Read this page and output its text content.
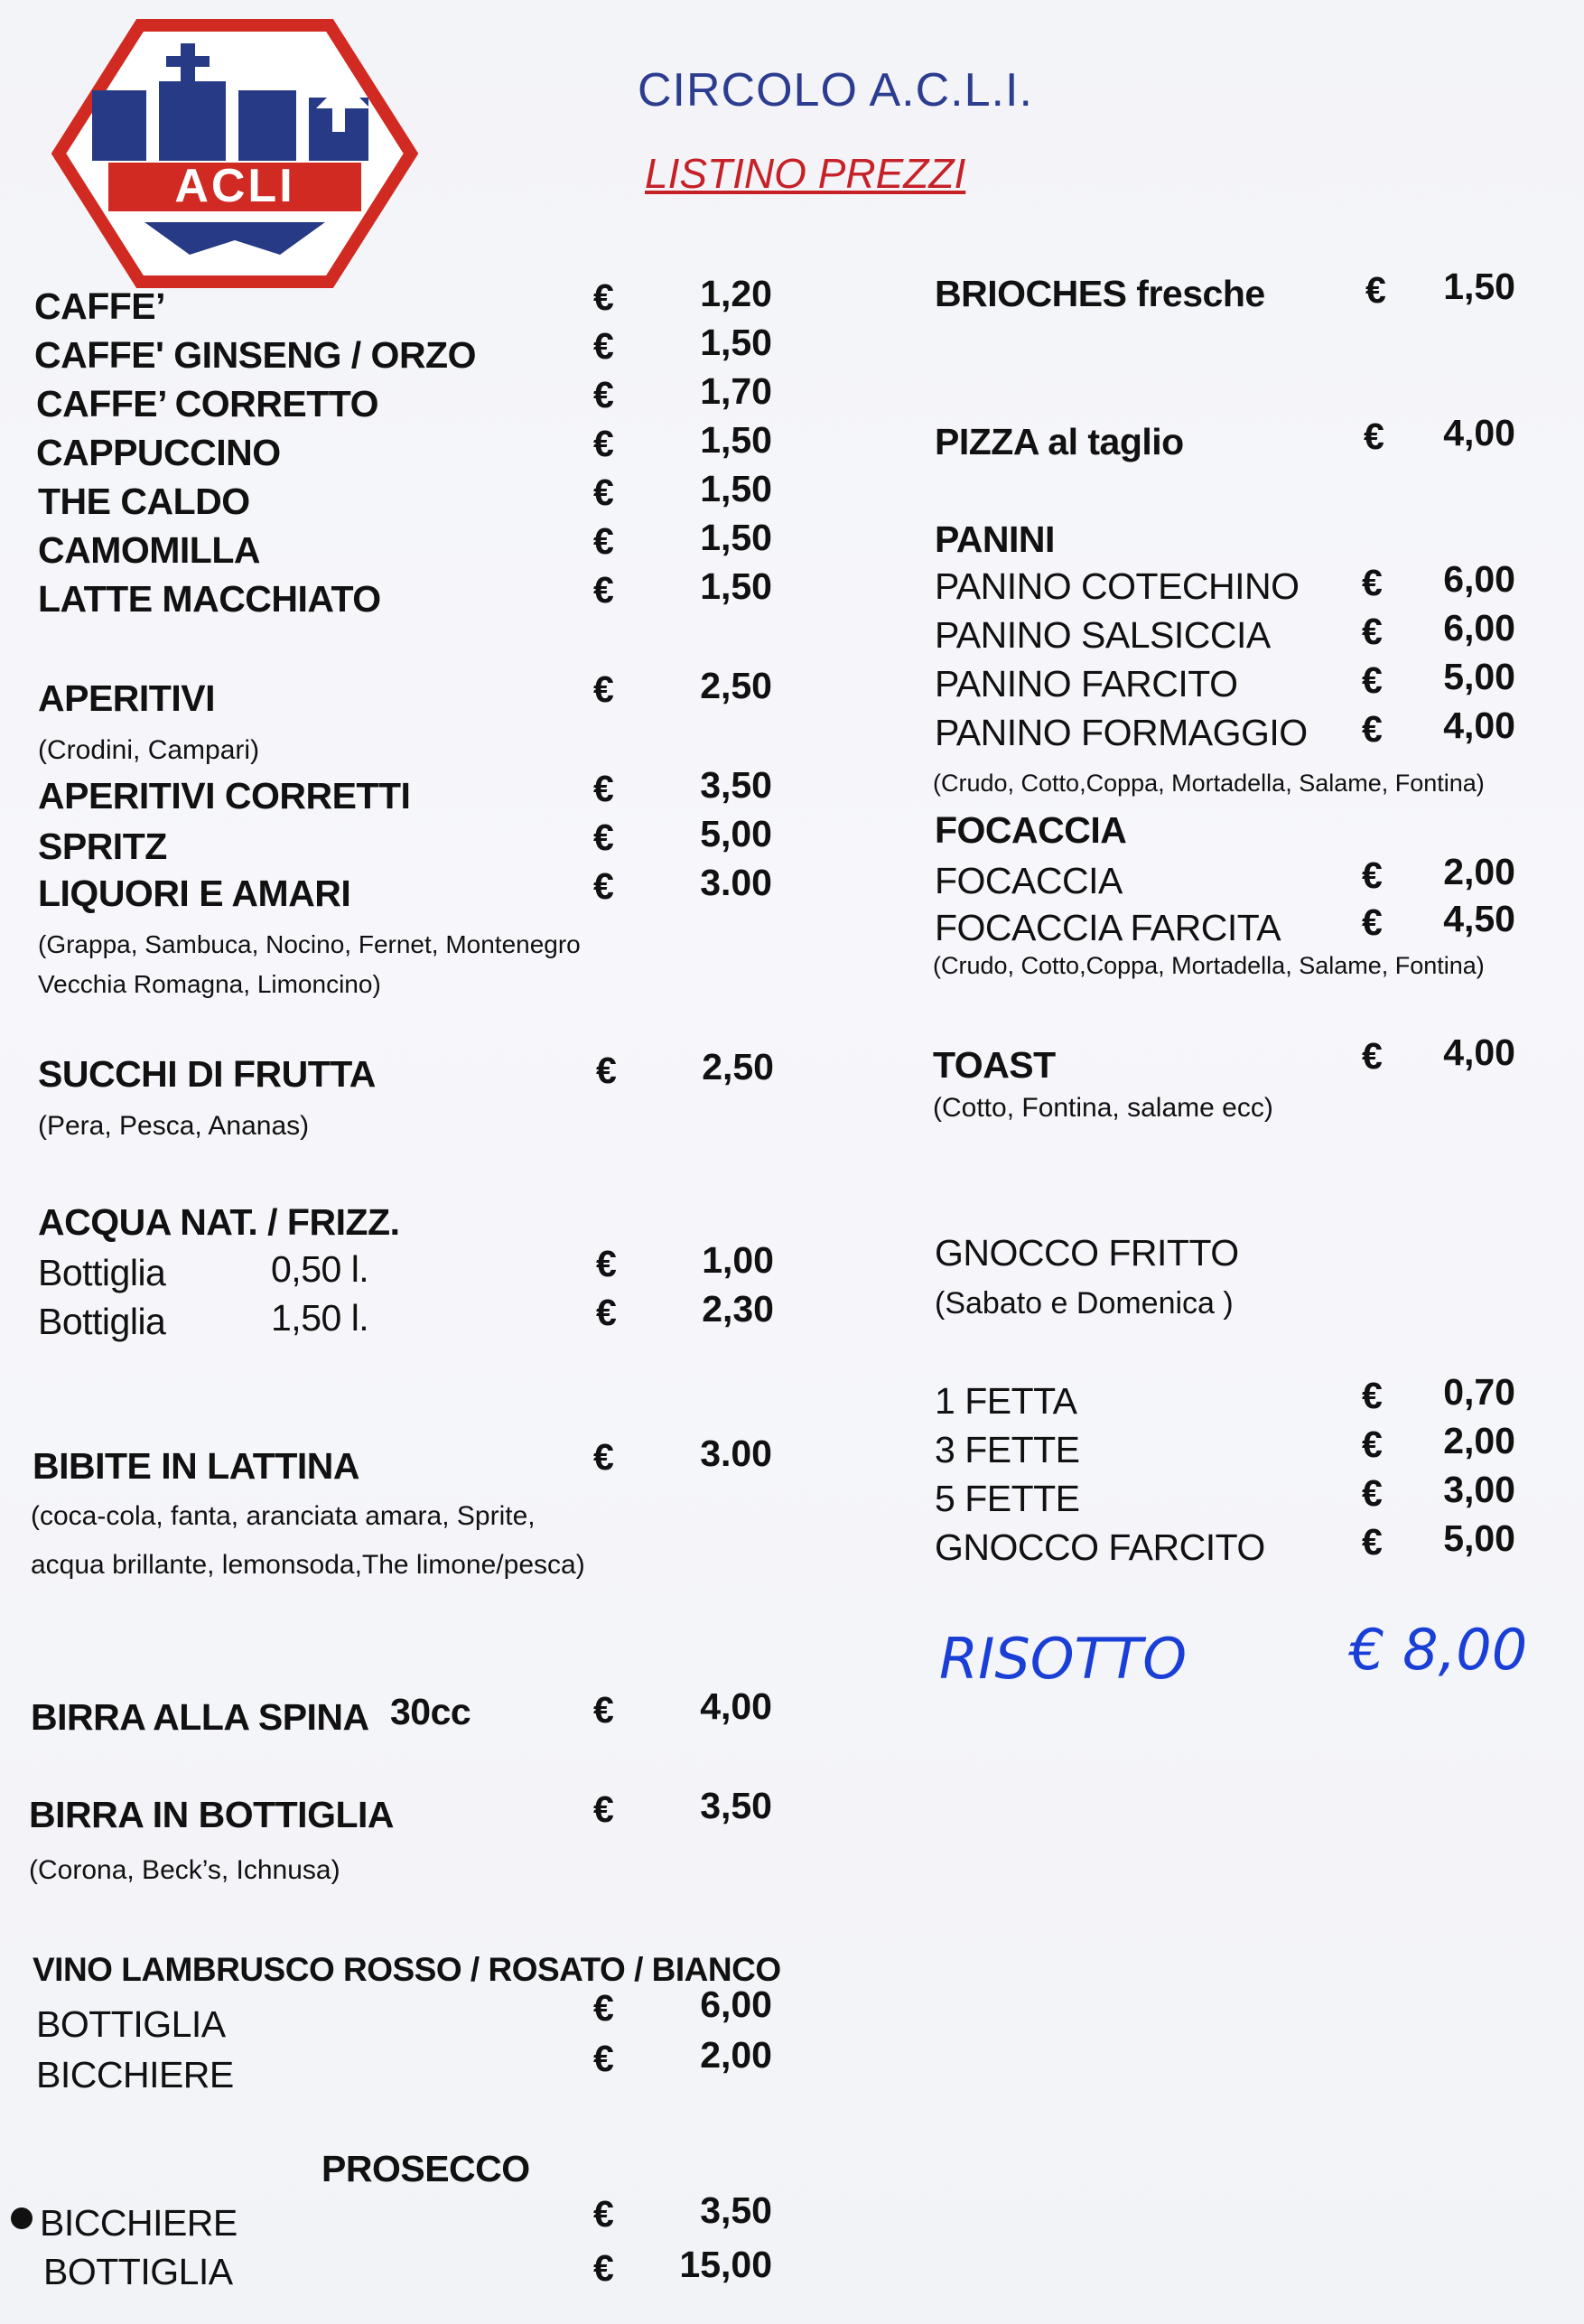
ACLI
CIRCOLO A.C.L.I.
LISTINO PREZZI
CAFFE’	€	1,20
CAFFE' GINSENG / ORZO	€	1,50
CAFFE’ CORRETTO	€	1,70
CAPPUCCINO	€	1,50
THE CALDO	€	1,50
CAMOMILLA	€	1,50
LATTE MACCHIATO	€	1,50
APERITIVI	€	2,50
(Crodini, Campari)
APERITIVI CORRETTI	€	3,50
SPRITZ	€	5,00
LIQUORI E AMARI	€	3.00
(Grappa, Sambuca, Nocino, Fernet, Montenegro
Vecchia Romagna, Limoncino)
SUCCHI DI FRUTTA	€	2,50
(Pera, Pesca, Ananas)
ACQUA NAT. / FRIZZ.
Bottiglia	0,50 l.	€	1,00
Bottiglia	1,50 l.	€	2,30
BIBITE IN LATTINA	€	3.00
(coca-cola, fanta, aranciata amara, Sprite,
acqua brillante, lemonsoda,The limone/pesca)
BIRRA ALLA SPINA 30cc	€	4,00
BIRRA IN BOTTIGLIA	€	3,50
(Corona, Beck’s, Ichnusa)
VINO LAMBRUSCO ROSSO / ROSATO / BIANCO
BOTTIGLIA	€	6,00
BICCHIERE	€	2,00
PROSECCO
BICCHIERE	€	3,50
BOTTIGLIA	€	15,00
BRIOCHES fresche	€	1,50
PIZZA al taglio	€	4,00
PANINI
PANINO COTECHINO €	6,00
PANINO SALSICCIA €	6,00
PANINO FARCITO	€	5,00
PANINO FORMAGGIO €	4,00
(Crudo, Cotto,Coppa, Mortadella, Salame, Fontina)
FOCACCIA
FOCACCIA	€	2,00
FOCACCIA FARCITA €	4,50
(Crudo, Cotto,Coppa, Mortadella, Salame, Fontina)
TOAST	€	4,00
(Cotto, Fontina, salame ecc)
GNOCCO FRITTO
(Sabato e Domenica )
1 FETTA	€	0,70
3 FETTE	€	2,00
5 FETTE	€	3,00
GNOCCO FARCITO	€	5,00
RISOTTO	€ 8,00
